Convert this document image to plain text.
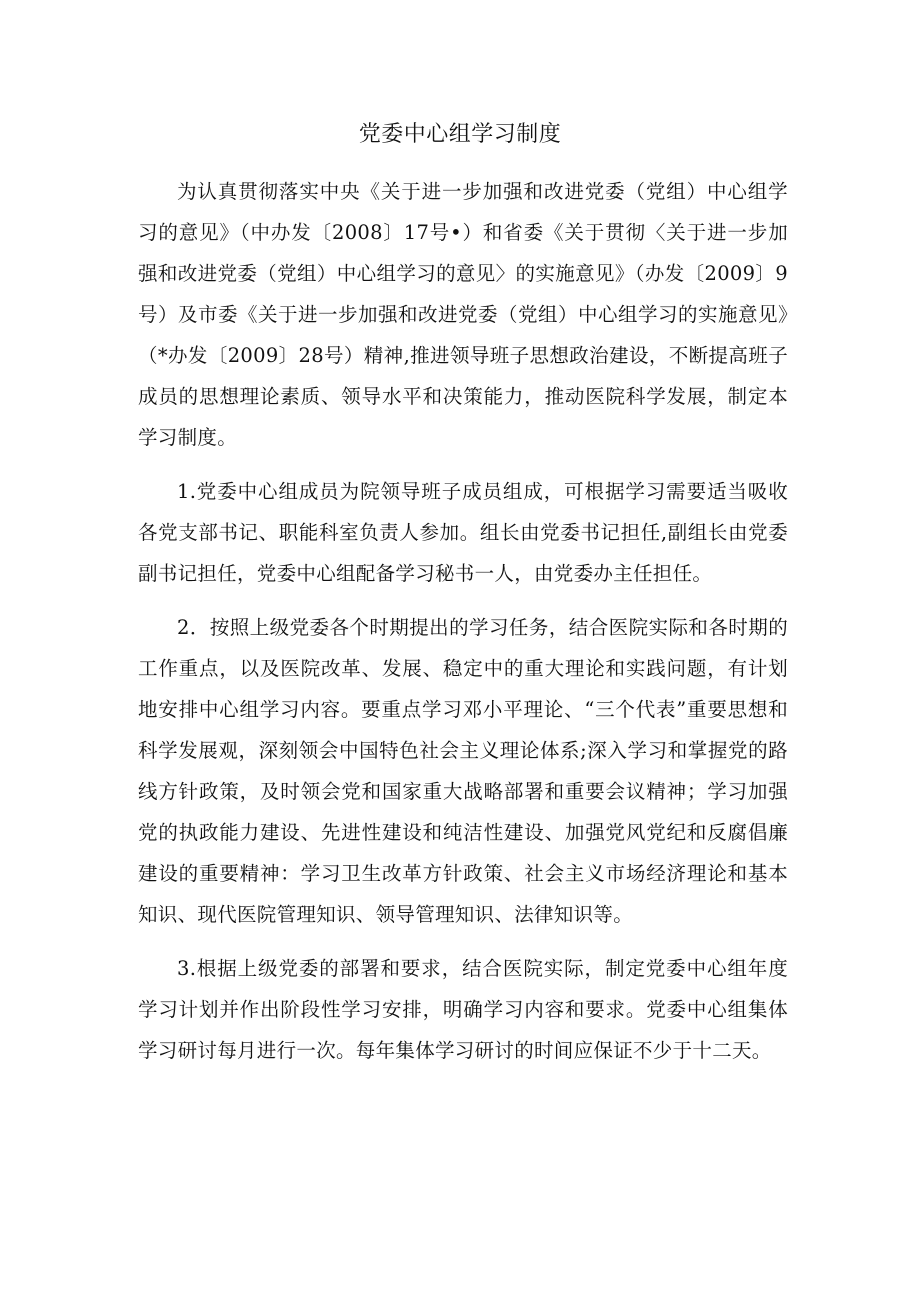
党委中心组学习制度

为认真贯彻落实中央《关于进一步加强和改进党委（党组）中心组学习的意见》（中办发〔2008〕17号•）和省委《关于贯彻〈关于进一步加强和改进党委（党组）中心组学习的意见〉的实施意见》（办发〔2009〕9号）及市委《关于进一步加强和改进党委（党组）中心组学习的实施意见》（*办发〔2009〕28号）精神,推进领导班子思想政治建设，不断提高班子成员的思想理论素质、领导水平和决策能力，推动医院科学发展，制定本学习制度。

1.党委中心组成员为院领导班子成员组成，可根据学习需要适当吸收各党支部书记、职能科室负责人参加。组长由党委书记担任,副组长由党委副书记担任，党委中心组配备学习秘书一人，由党委办主任担任。

2．按照上级党委各个时期提出的学习任务，结合医院实际和各时期的工作重点，以及医院改革、发展、稳定中的重大理论和实践问题，有计划地安排中心组学习内容。要重点学习邓小平理论、“三个代表”重要思想和科学发展观，深刻领会中国特色社会主义理论体系;深入学习和掌握党的路线方针政策，及时领会党和国家重大战略部署和重要会议精神；学习加强党的执政能力建设、先进性建设和纯洁性建设、加强党风党纪和反腐倡廉建设的重要精神：学习卫生改革方针政策、社会主义市场经济理论和基本知识、现代医院管理知识、领导管理知识、法律知识等。

3.根据上级党委的部署和要求，结合医院实际，制定党委中心组年度学习计划并作出阶段性学习安排，明确学习内容和要求。党委中心组集体学习研讨每月进行一次。每年集体学习研讨的时间应保证不少于十二天。
